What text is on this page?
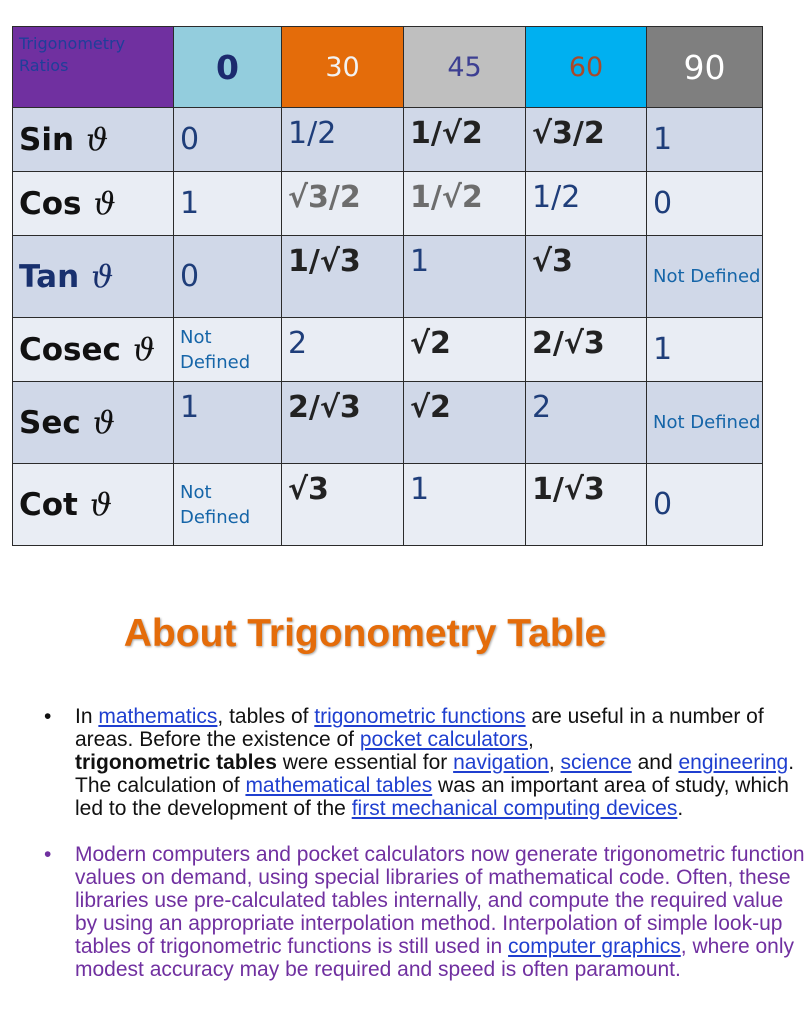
Trigonometry Ratios	0	30	45	60	90
Sin ϑ	0	1/2	1/√2	√3/2	1
Cos ϑ	1	√3/2	1/√2	1/2	0
Tan ϑ	0	1/√3	1	√3	Not Defined
Cosec ϑ	Not Defined	2	√2	2/√3	1
Sec ϑ	1	2/√3	√2	2	Not Defined
Cot ϑ	Not Defined	√3	1	1/√3	0
About Trigonometry Table
• In mathematics, tables of trigonometric functions are useful in a number of areas. Before the existence of pocket calculators,
trigonometric tables were essential for navigation, science and engineering. The calculation of mathematical tables was an important area of study, which led to the development of the first mechanical computing devices.
• Modern computers and pocket calculators now generate trigonometric function values on demand, using special libraries of mathematical code. Often, these libraries use pre-calculated tables internally, and compute the required value by using an appropriate interpolation method. Interpolation of simple look-up tables of trigonometric functions is still used in computer graphics, where only modest accuracy may be required and speed is often paramount.
